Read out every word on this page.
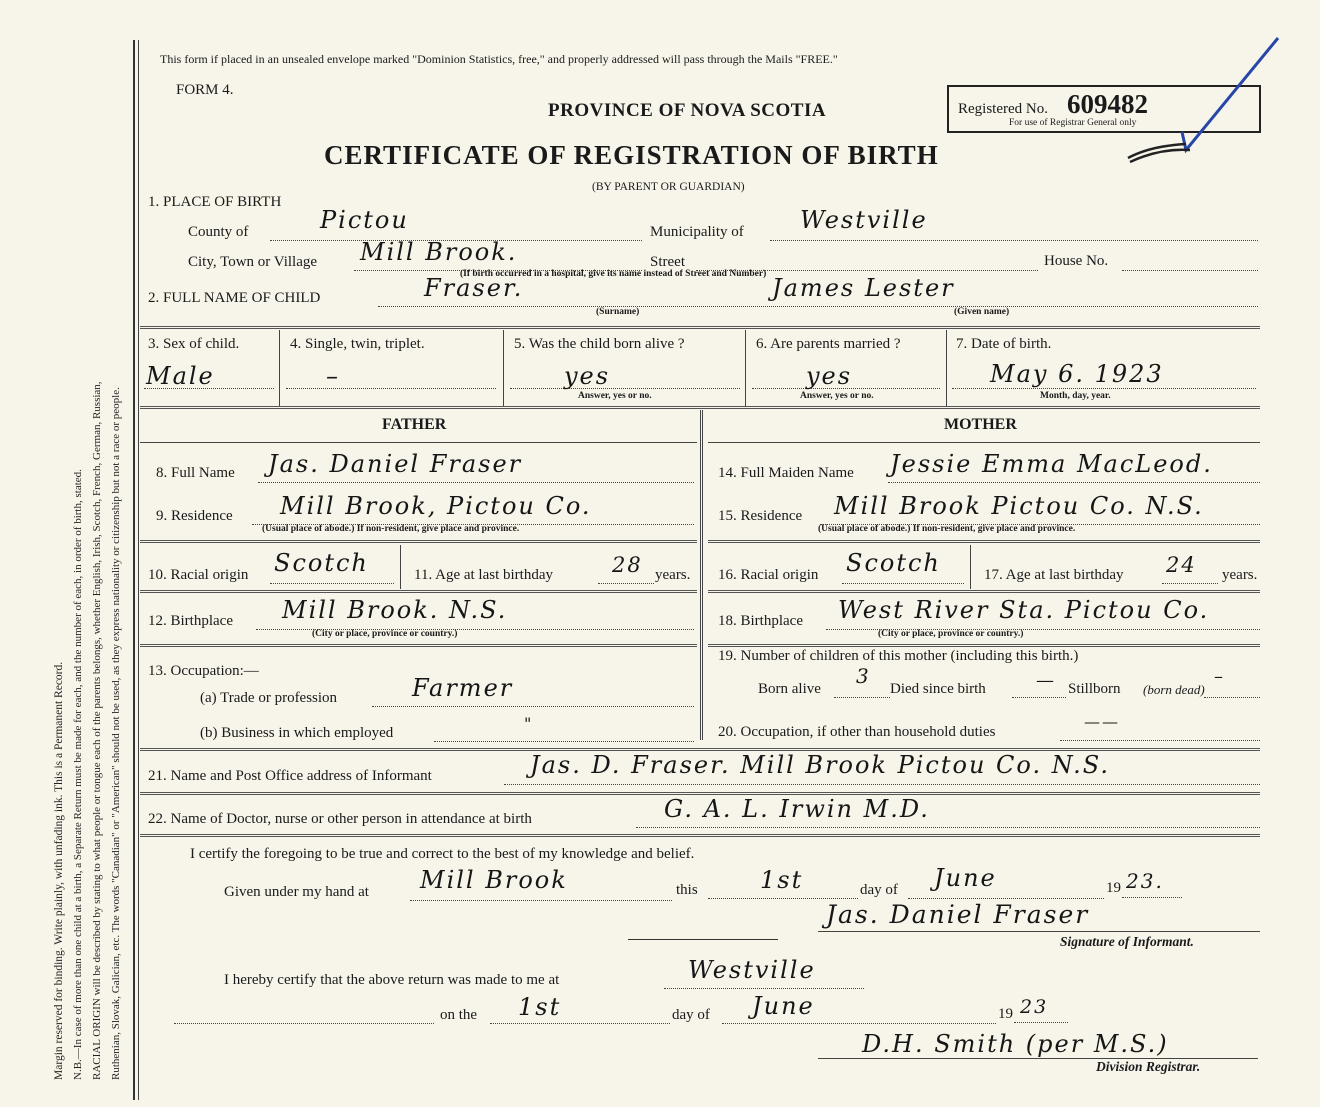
Margin reserved for binding. Write plainly, with unfading ink. This is a Permanent Record. N.B.—In case of more than one child at a birth, a Separate Return must be made for each, and the number of each, in order of birth, stated. RACIAL ORIGIN will be described by stating to what people or tongue each of the parents belongs, whether English, Irish, Scotch, French, German, Russian, Ruthenian, Slovak, Galician, etc. The words "Canadian" or "American" should not be used, as they express nationality or citizenship but not a race or people.
This form if placed in an unsealed envelope marked "Dominion Statistics, free," and properly addressed will pass through the Mails "FREE."
FORM 4.
PROVINCE OF NOVA SCOTIA
CERTIFICATE OF REGISTRATION OF BIRTH
(BY PARENT OR GUARDIAN)
Registered No. 609482
For use of Registrar General only
1. PLACE OF BIRTH
County of	Pictou	Municipality of Westville
City, Town or Village Mill Brook.	Street	House No.
(If birth occurred in a hospital, give its name instead of Street and Number)
2. FULL NAME OF CHILD	Fraser.	James Lester
(Surname)	(Given name)
3. Sex of child.
Male
4. Single, twin, triplet.
–
5. Was the child born alive ?
yes
Answer, yes or no.
6. Are parents married ?
yes
Answer, yes or no.
7. Date of birth.
May 6. 1923
Month, day, year.
FATHER	MOTHER
8. Full Name Jas. Daniel Fraser
9. Residence Mill Brook, Pictou Co.
(Usual place of abode.) If non-resident, give place and province.
10. Racial origin Scotch	11. Age at last birthday	28 years.
12. Birthplace Mill Brook. N.S.
(City or place, province or country.)
13. Occupation:—
(a) Trade or profession	Farmer
(b) Business in which employed	"
14. Full Maiden Name Jessie Emma MacLeod.
15. Residence Mill Brook Pictou Co. N.S.
(Usual place of abode.) If non-resident, give place and province.
16. Racial origin Scotch	17. Age at last birthday 24 years.
18. Birthplace West River Sta. Pictou Co.
(City or place, province or country.)
19. Number of children of this mother (including this birth.)
Born alive
3
Died since birth	— Stillborn (born dead)
–
20. Occupation, if other than household duties
——
21. Name and Post Office address of Informant	Jas. D. Fraser. Mill Brook Pictou Co. N.S.
22. Name of Doctor, nurse or other person in attendance at birth	G. A. L. Irwin M.D.
I certify the foregoing to be true and correct to the best of my knowledge and belief.
Given under my hand at Mill Brook	this	1st	day of June	19 23.
Jas. Daniel Fraser
Signature of Informant.
I hereby certify that the above return was made to me at	Westville
on the 1st	day of June	19 23
D.H. Smith (per M.S.)
Division Registrar.
